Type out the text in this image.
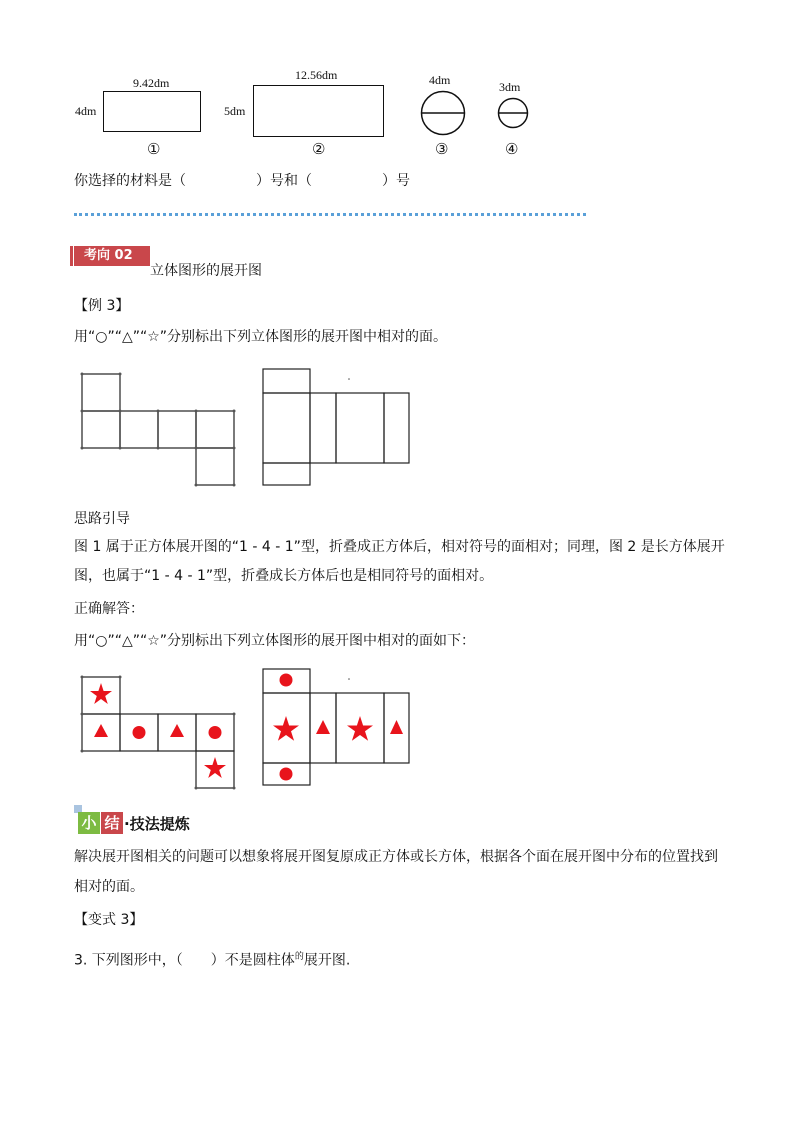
9.42dm
4dm
①
12.56dm
5dm
②
4dm
③
3dm
④
你选择的材料是（　　　　　）号和（　　　　　）号
考向 02
立体图形的展开图
【例 3】
用“○”“△”“☆”分别标出下列立体图形的展开图中相对的面。
思路引导
图 1 属于正方体展开图的“1 - 4 - 1”型，折叠成正方体后，相对符号的面相对；同理，图 2 是长方体展开
图，也属于“1 - 4 - 1”型，折叠成长方体后也是相同符号的面相对。
正确解答：
用“○”“△”“☆”分别标出下列立体图形的展开图中相对的面如下：
小 结 ·技法提炼
解决展开图相关的问题可以想象将展开图复原成正方体或长方体，根据各个面在展开图中分布的位置找到
相对的面。
【变式 3】
3. 下列图形中，（　　）不是圆柱体$^的$展开图.
